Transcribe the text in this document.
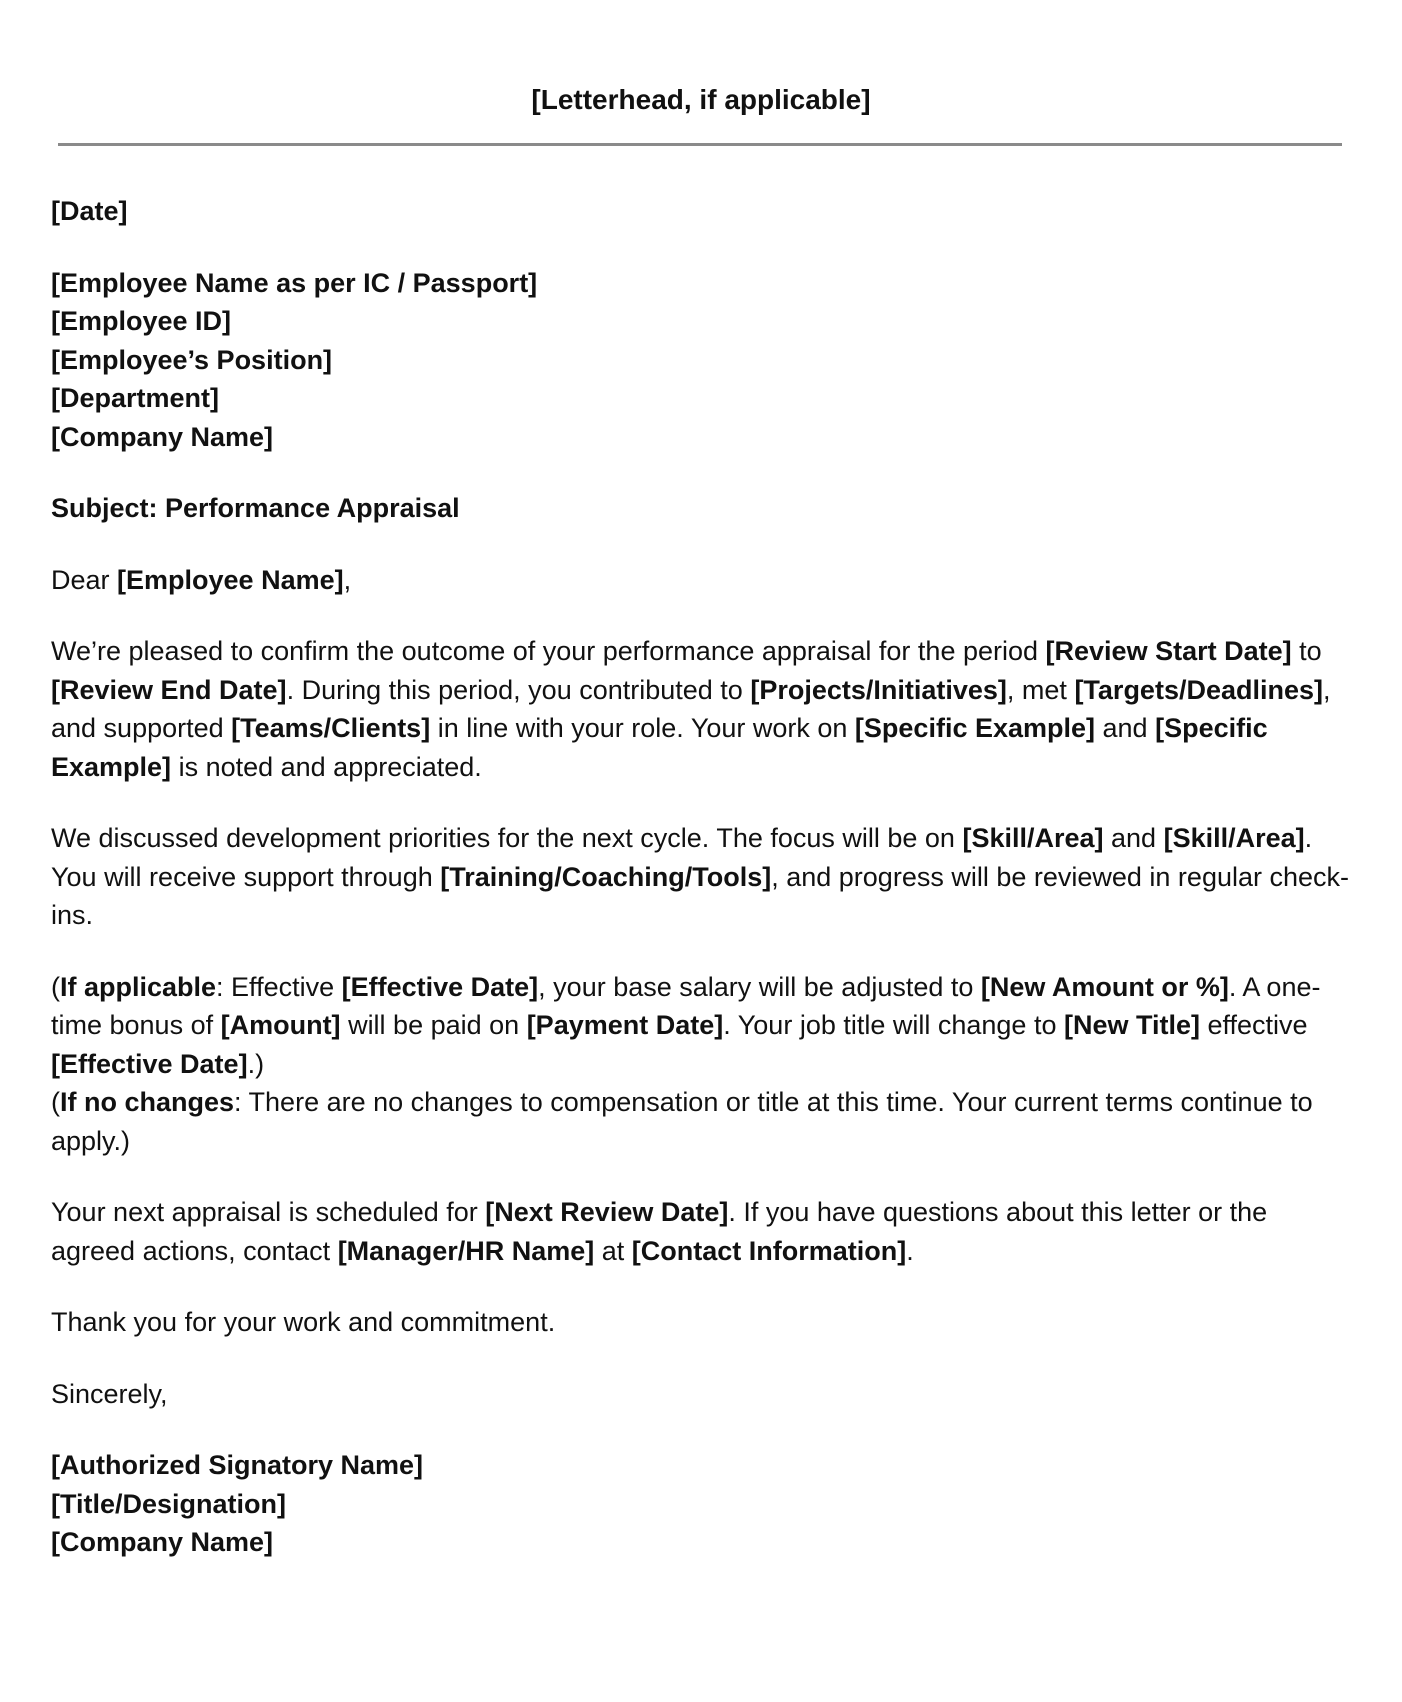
[Letterhead, if applicable]

[Date]

[Employee Name as per IC / Passport]

[Employee ID]

[Employee’s Position]

[Department]

[Company Name]

Subject: Performance Appraisal

Dear [Employee Name],

We’re pleased to confirm the outcome of your performance appraisal for the period [Review Start Date] to [Review End Date]. During this period, you contributed to [Projects/Initiatives], met [Targets/Deadlines], and supported [Teams/Clients] in line with your role. Your work on [Specific Example] and [Specific Example] is noted and appreciated.

We discussed development priorities for the next cycle. The focus will be on [Skill/Area] and [Skill/Area]. You will receive support through [Training/Coaching/Tools], and progress will be reviewed in regular check-ins.

(If applicable: Effective [Effective Date], your base salary will be adjusted to [New Amount or %]. A one-time bonus of [Amount] will be paid on [Payment Date]. Your job title will change to [New Title] effective [Effective Date].)

(If no changes: There are no changes to compensation or title at this time. Your current terms continue to apply.)

Your next appraisal is scheduled for [Next Review Date]. If you have questions about this letter or the agreed actions, contact [Manager/HR Name] at [Contact Information].

Thank you for your work and commitment.

Sincerely,

[Authorized Signatory Name]

[Title/Designation]

[Company Name]
